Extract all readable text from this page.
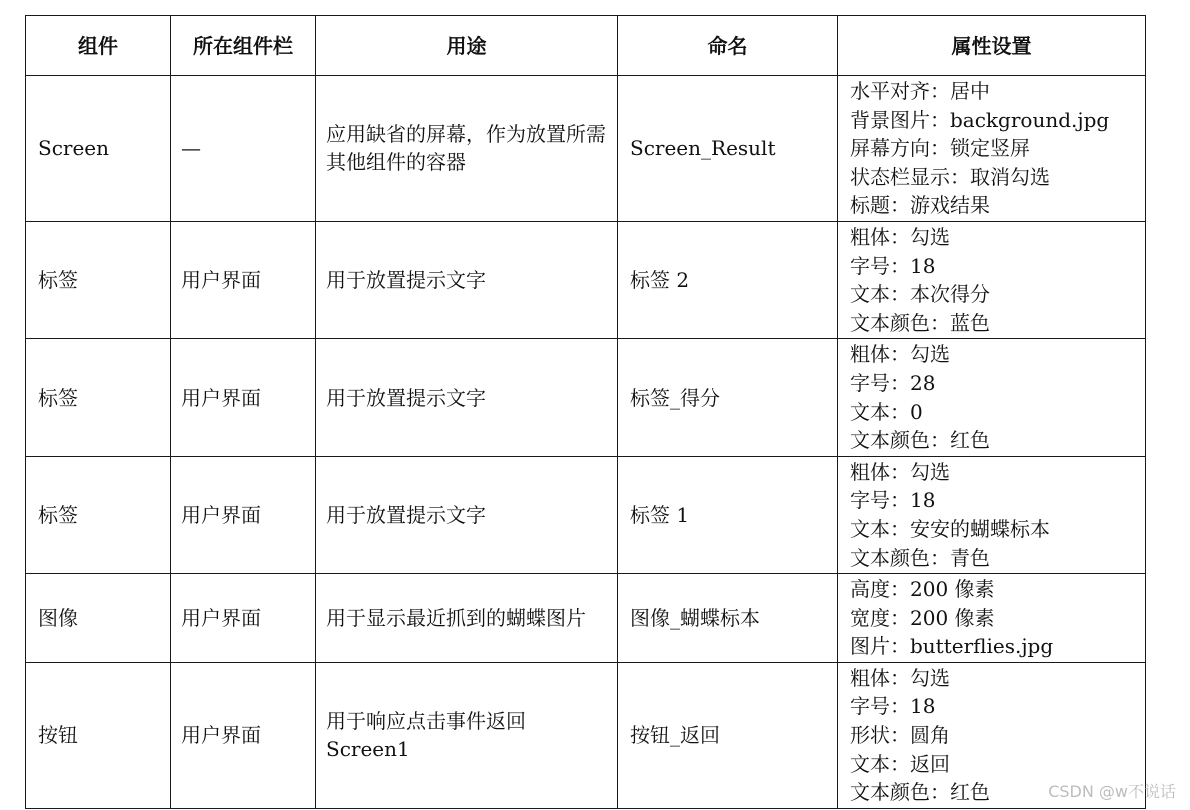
组件	所在组件栏	用途	命名	属性设置
Screen	—	应用缺省的屏幕，作为放置所需其他组件的容器	Screen_Result	水平对齐：居中
背景图片：background.jpg
屏幕方向：锁定竖屏
状态栏显示：取消勾选
标题：游戏结果

标签	用户界面	用于放置提示文字	标签 2	粗体：勾选
字号：18
文本：本次得分
文本颜色：蓝色

标签	用户界面	用于放置提示文字	标签_得分	粗体：勾选
字号：28
文本：0
文本颜色：红色

标签	用户界面	用于放置提示文字	标签 1	粗体：勾选
字号：18
文本：安安的蝴蝶标本
文本颜色：青色

图像	用户界面	用于显示最近抓到的蝴蝶图片	图像_蝴蝶标本	高度：200 像素
宽度：200 像素
图片：butterflies.jpg

按钮	用户界面	用于响应点击事件返回 Screen1	按钮_返回	粗体：勾选
字号：18
形状：圆角
文本：返回
文本颜色：红色	CSDN @w不说话
